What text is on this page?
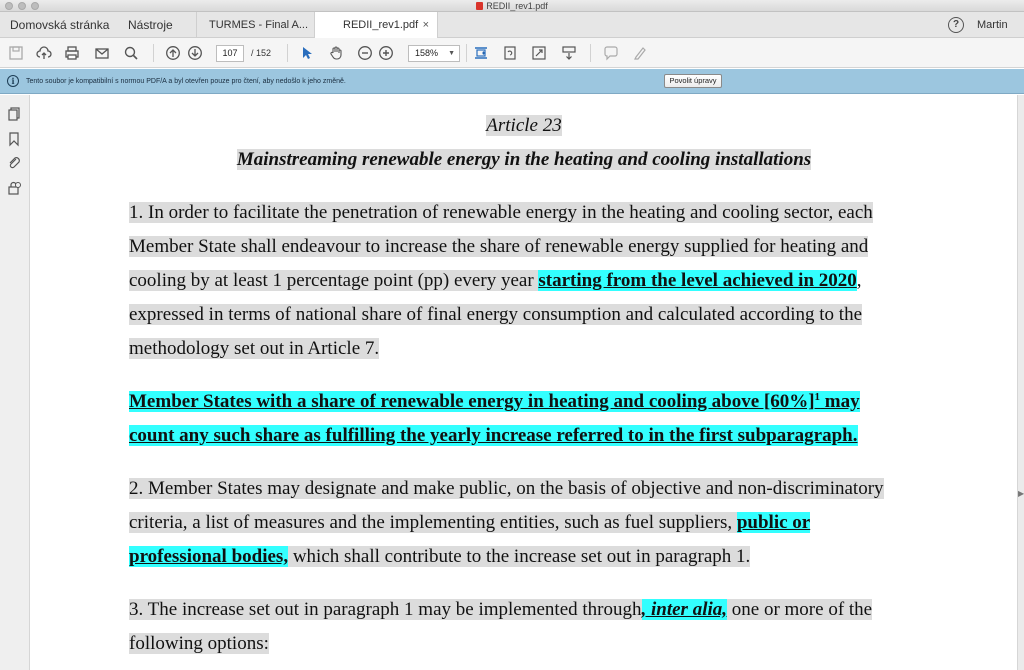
REDII_rev1.pdf
Domovská stránka Nástroje	TURMES - Final A...	REDII_rev1.pdf ×	?	Martin
107	/ 152	158% ▼
i	Tento soubor je kompatibilní s normou PDF/A a byl otevřen pouze pro čtení, aby nedošlo k jeho změně.	Povolit úpravy
Article 23
Mainstreaming renewable energy in the heating and cooling installations
1. In order to facilitate the penetration of renewable energy in the heating and cooling sector, each
Member State shall endeavour to increase the share of renewable energy supplied for heating and
cooling by at least 1 percentage point (pp) every year starting from the level achieved in 2020,
expressed in terms of national share of final energy consumption and calculated according to the
methodology set out in Article 7.
Member States with a share of renewable energy in heating and cooling above $[60\%]^1$ may
count any such share as fulfilling the yearly increase referred to in the first subparagraph.
2. Member States may designate and make public, on the basis of objective and non-discriminatory
criteria, a list of measures and the implementing entities, such as fuel suppliers, public or
professional bodies, which shall contribute to the increase set out in paragraph 1.
3. The increase set out in paragraph 1 may be implemented through, inter alia, one or more of the
following options:
▶
